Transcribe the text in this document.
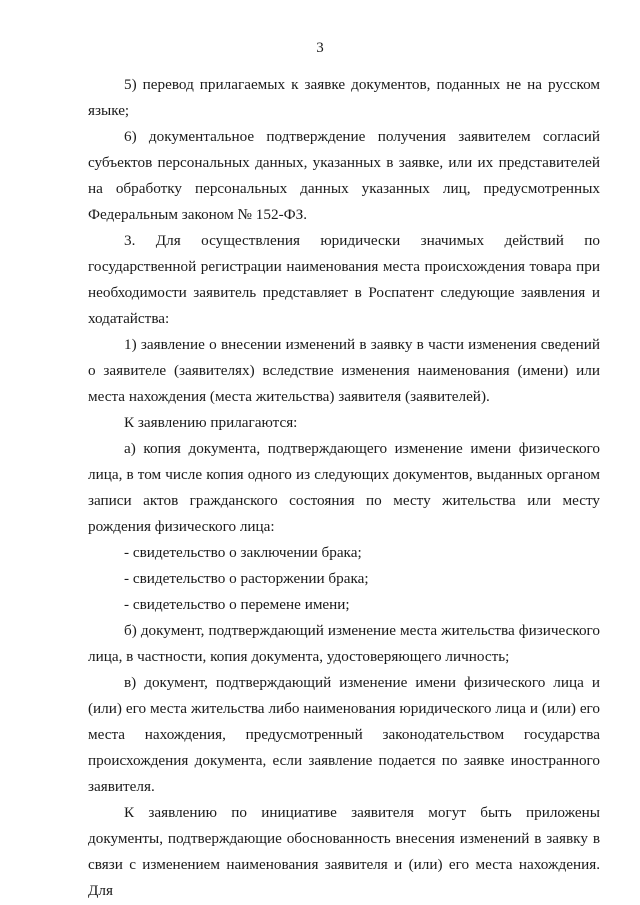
3

5) перевод прилагаемых к заявке документов, поданных не на русском языке;

6) документальное подтверждение получения заявителем согласий субъектов персональных данных, указанных в заявке, или их представителей на обработку персональных данных указанных лиц, предусмотренных Федеральным законом № 152-ФЗ.

3. Для осуществления юридически значимых действий по государственной регистрации наименования места происхождения товара при необходимости заявитель представляет в Роспатент следующие заявления и ходатайства:

1) заявление о внесении изменений в заявку в части изменения сведений о заявителе (заявителях) вследствие изменения наименования (имени) или места нахождения (места жительства) заявителя (заявителей).

К заявлению прилагаются:

а) копия документа, подтверждающего изменение имени физического лица, в том числе копия одного из следующих документов, выданных органом записи актов гражданского состояния по месту жительства или месту рождения физического лица:

- свидетельство о заключении брака;

- свидетельство о расторжении брака;

- свидетельство о перемене имени;

б) документ, подтверждающий изменение места жительства физического лица, в частности, копия документа, удостоверяющего личность;

в) документ, подтверждающий изменение имени физического лица и (или) его места жительства либо наименования юридического лица и (или) его места нахождения, предусмотренный законодательством государства происхождения документа, если заявление подается по заявке иностранного заявителя.

К заявлению по инициативе заявителя могут быть приложены документы, подтверждающие обоснованность внесения изменений в заявку в связи с изменением наименования заявителя и (или) его места нахождения. Для
